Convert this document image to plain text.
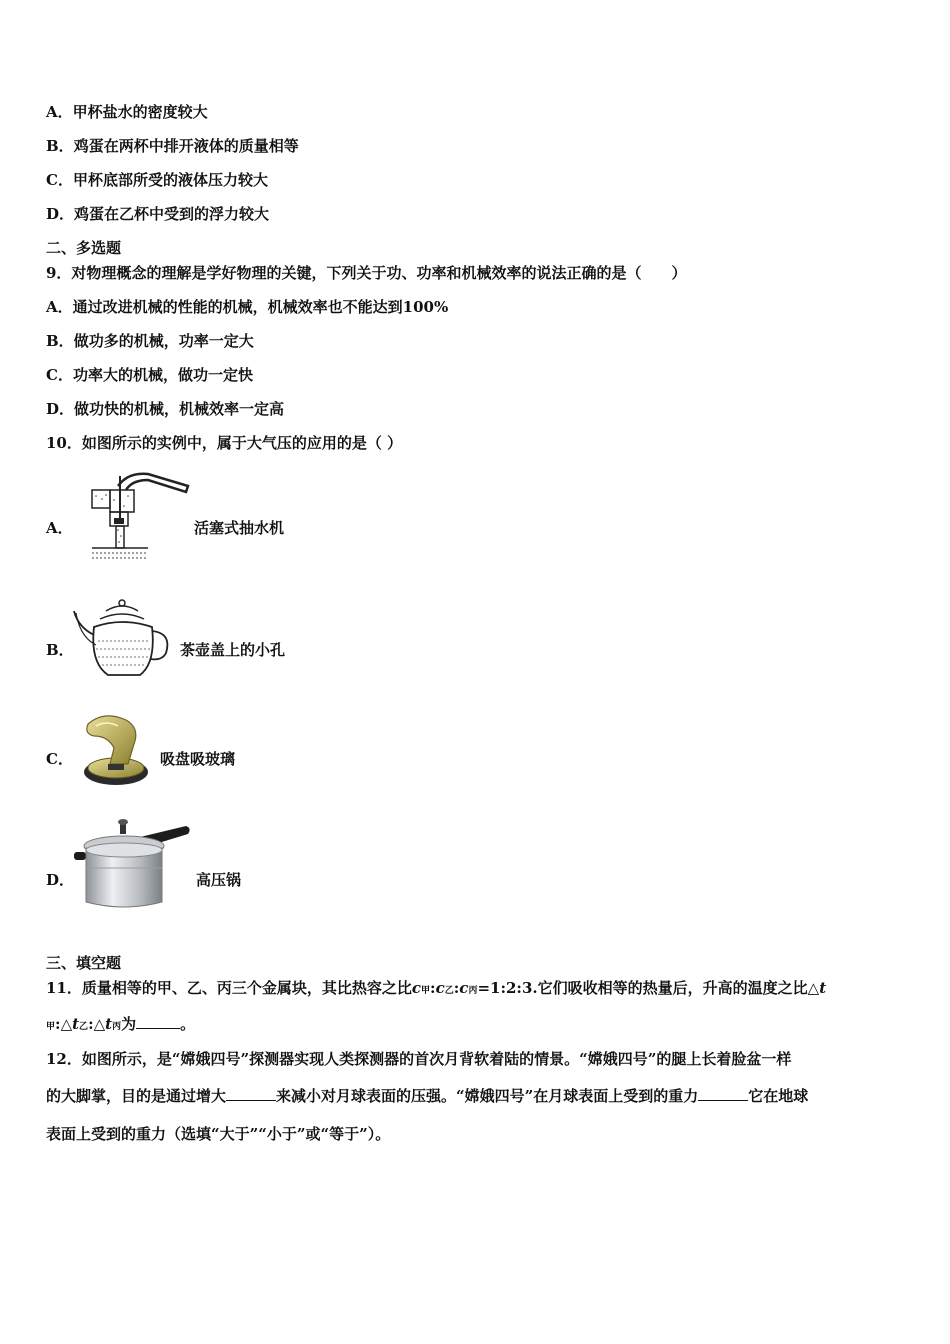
A．甲杯盐水的密度较大
B．鸡蛋在两杯中排开液体的质量相等
C．甲杯底部所受的液体压力较大
D．鸡蛋在乙杯中受到的浮力较大
二、多选题
9．对物理概念的理解是学好物理的关键，下列关于功、功率和机械效率的说法正确的是（　　）
A．通过改进机械的性能的机械，机械效率也不能达到100%
B．做功多的机械，功率一定大
C．功率大的机械，做功一定快
D．做功快的机械，机械效率一定高
10．如图所示的实例中，属于大气压的应用的是（ ）
A．	活塞式抽水机
B．	茶壶盖上的小孔
C．	吸盘吸玻璃
D．	高压锅
三、填空题
11．质量相等的甲、乙、丙三个金属块，其比热容之比c甲:c乙:c丙=1:2:3.它们吸收相等的热量后，升高的温度之比△t
甲:△t乙:△t丙为	。
12．如图所示，是“嫦娥四号”探测器实现人类探测器的首次月背软着陆的情景。“嫦娥四号”的腿上长着脸盆一样
的大脚掌，目的是通过增大	来减小对月球表面的压强。“嫦娥四号”在月球表面上受到的重力	它在地球
表面上受到的重力（选填“大于”“小于”或“等于”）。
